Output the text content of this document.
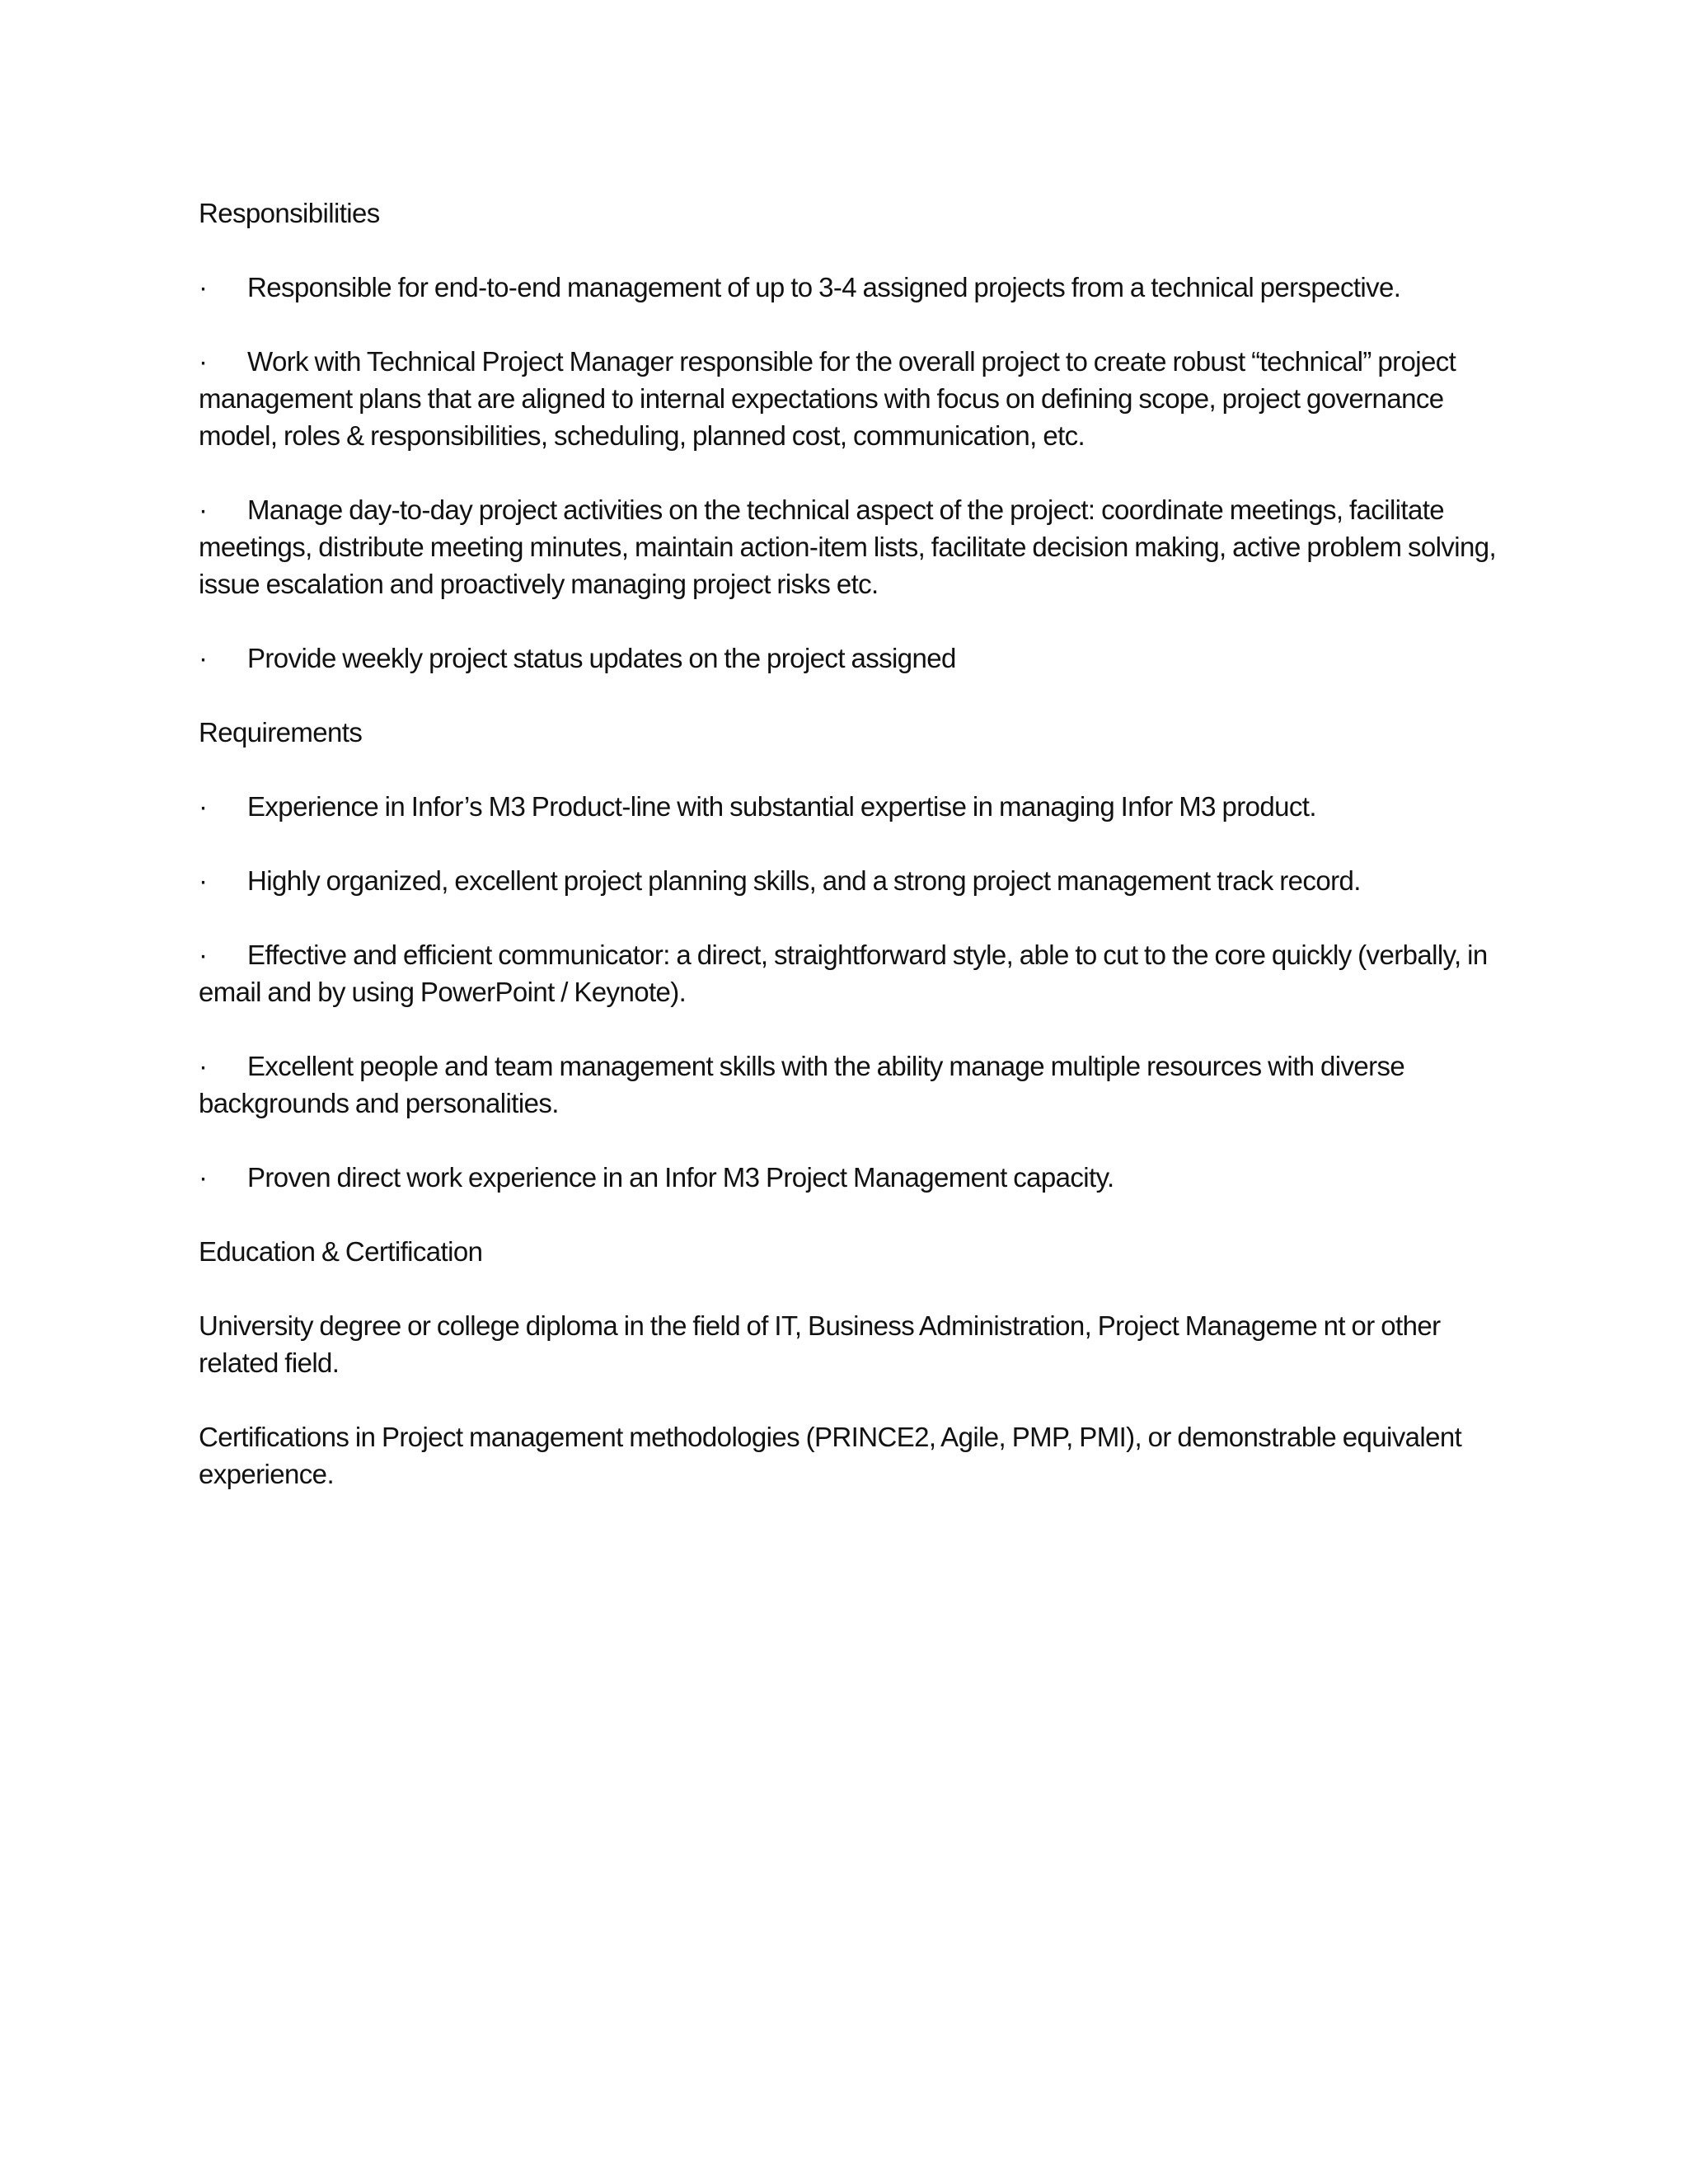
Responsibilities
· Responsible for end-to-end management of up to 3-4 assigned projects from a technical perspective.
· Work with Technical Project Manager responsible for the overall project to create robust “technical” project management plans that are aligned to internal expectations with focus on defining scope, project governance model, roles & responsibilities, scheduling, planned cost, communication, etc.
· Manage day-to-day project activities on the technical aspect of the project: coordinate meetings, facilitate meetings, distribute meeting minutes, maintain action-item lists, facilitate decision making, active problem solving, issue escalation and proactively managing project risks etc.
· Provide weekly project status updates on the project assigned
Requirements
· Experience in Infor’s M3 Product-line with substantial expertise in managing Infor M3 product.
· Highly organized, excellent project planning skills, and a strong project management track record.
· Effective and efficient communicator: a direct, straightforward style, able to cut to the core quickly (verbally, in email and by using PowerPoint / Keynote).
· Excellent people and team management skills with the ability manage multiple resources with diverse backgrounds and personalities.
· Proven direct work experience in an Infor M3 Project Management capacity.
Education & Certification

University degree or college diploma in the field of IT, Business Administration, Project Manageme nt or other related field.

Certifications in Project management methodologies (PRINCE2, Agile, PMP, PMI), or demonstrable equivalent experience.
